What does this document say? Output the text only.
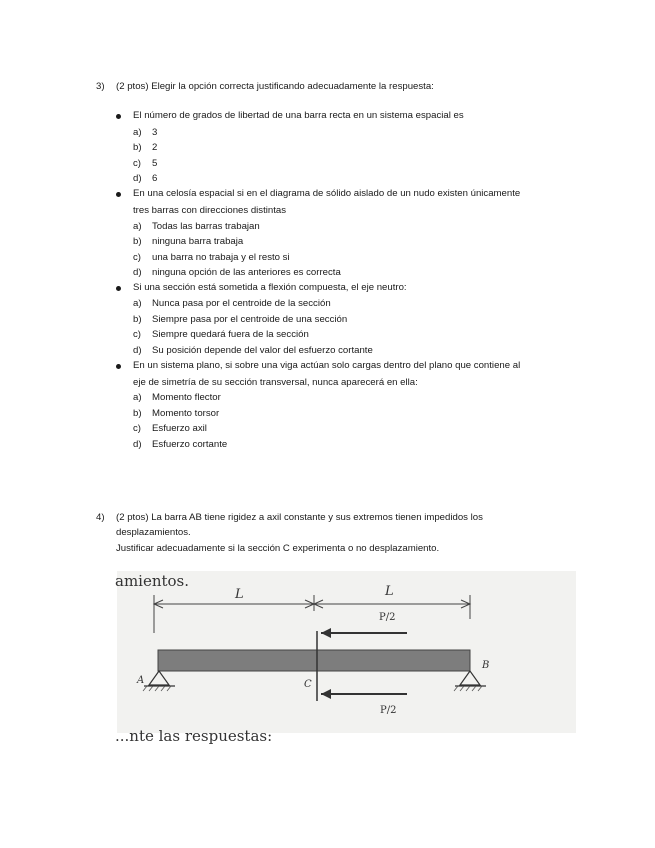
3) (2 ptos) Elegir la opción correcta justificando adecuadamente la respuesta:
El número de grados de libertad de una barra recta en un sistema espacial es
a) 3
b) 2
c) 5
d) 6
En una celosía espacial si en el diagrama de sólido aislado de un nudo existen únicamente
tres barras con direcciones distintas
a) Todas las barras trabajan
b) ninguna barra trabaja
c) una barra no trabaja y el resto si
d) ninguna opción de las anteriores es correcta
Si una sección está sometida a flexión compuesta, el eje neutro:
a) Nunca pasa por el centroide de la sección
b) Siempre pasa por el centroide de una sección
c) Siempre quedará fuera de la sección
d) Su posición depende del valor del esfuerzo cortante
En un sistema plano, si sobre una viga actúan solo cargas dentro del plano que contiene al
eje de simetría de su sección transversal, nunca aparecerá en ella:
a) Momento flector
b) Momento torsor
c) Esfuerzo axil
d) Esfuerzo cortante
4) (2 ptos) La barra AB tiene rigidez a axil constante y sus extremos tienen impedidos los
desplazamientos.
Justificar adecuadamente si la sección C experimenta o no desplazamiento.
amientos.
...nte las respuestas:
L	L
P/2
P/2
A
B
C
